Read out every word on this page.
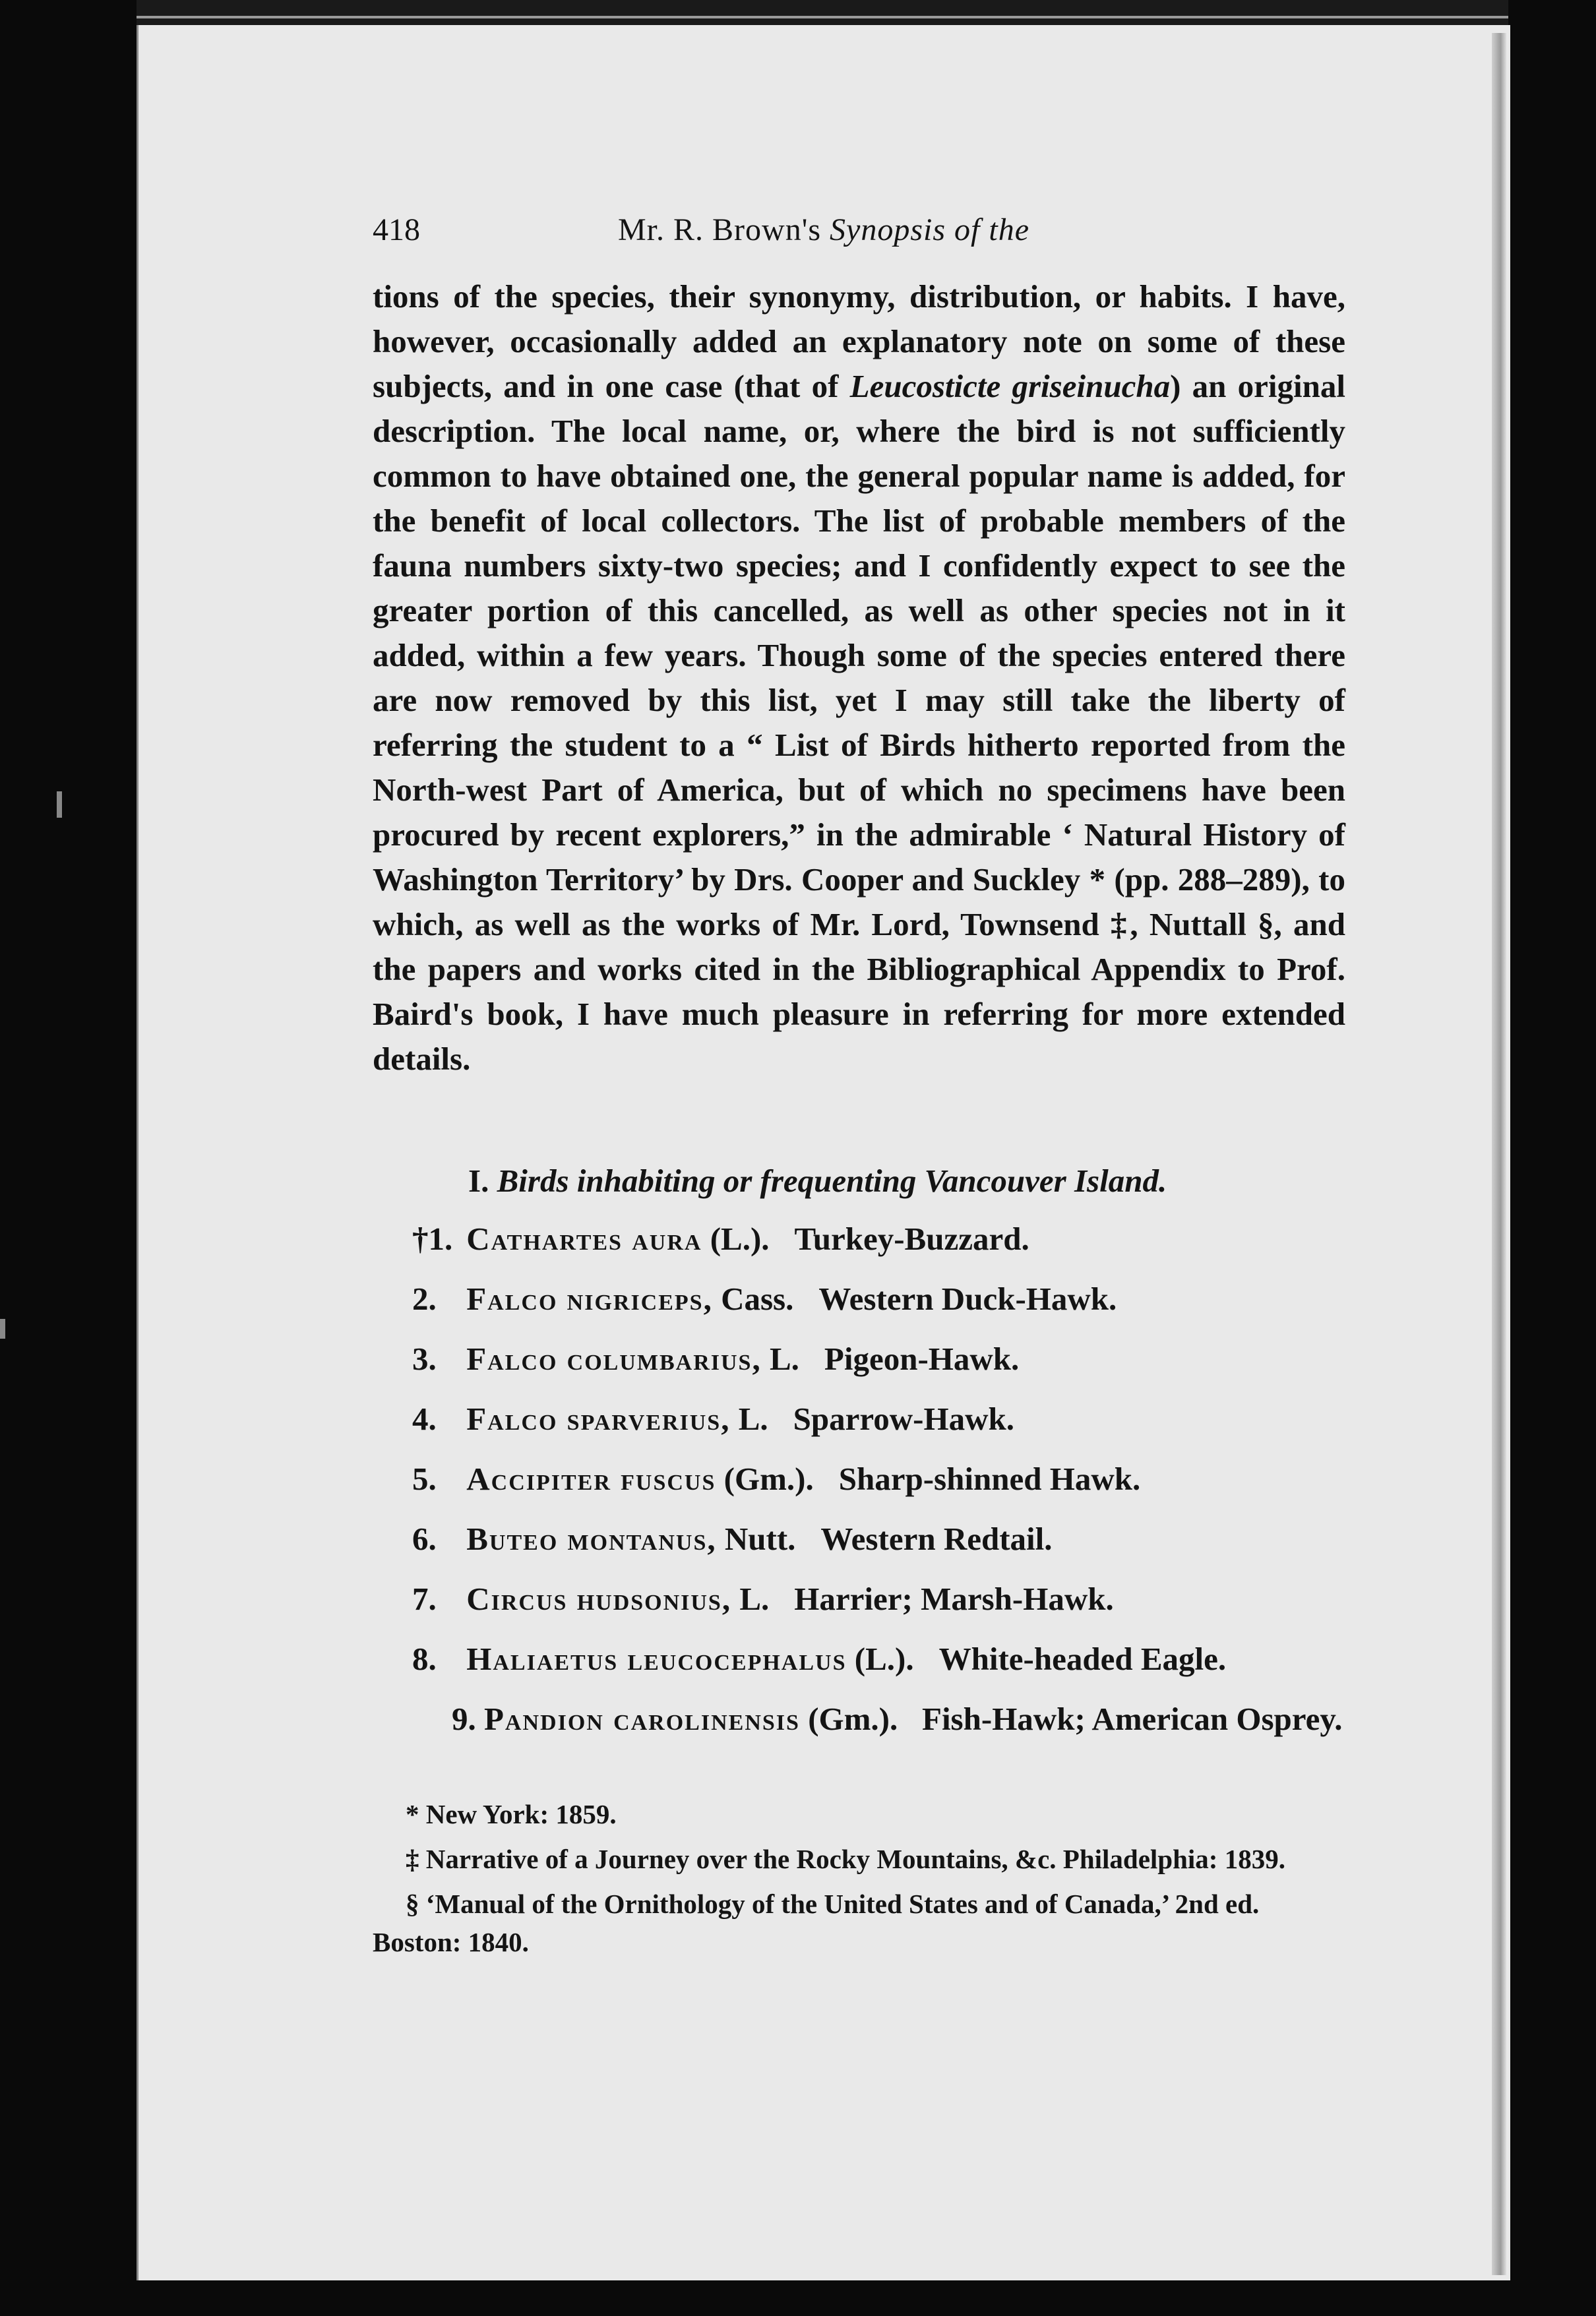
418	Mr. R. Brown's Synopsis of the

tions of the species, their synonymy, distribution, or habits. I have, however, occasionally added an explanatory note on some of these subjects, and in one case (that of Leucosticte griseinucha) an original description. The local name, or, where the bird is not sufficiently common to have obtained one, the general popular name is added, for the benefit of local collectors. The list of probable members of the fauna numbers sixty-two species; and I confidently expect to see the greater portion of this cancelled, as well as other species not in it added, within a few years. Though some of the species entered there are now removed by this list, yet I may still take the liberty of referring the student to a “ List of Birds hitherto reported from the North-west Part of America, but of which no specimens have been procured by recent explorers,” in the admirable ‘ Natural History of Washington Territory’ by Drs. Cooper and Suckley * (pp. 288–289), to which, as well as the works of Mr. Lord, Townsend ‡, Nuttall §, and the papers and works cited in the Bibliographical Appendix to Prof. Baird's book, I have much pleasure in referring for more extended details.

I. Birds inhabiting or frequenting Vancouver Island.

†1. Cathartes aura (L.). Turkey-Buzzard.
2. Falco nigriceps, Cass. Western Duck-Hawk.
3. Falco columbarius, L. Pigeon-Hawk.
4. Falco sparverius, L. Sparrow-Hawk.
5. Accipiter fuscus (Gm.). Sharp-shinned Hawk.
6. Buteo montanus, Nutt. Western Redtail.
7. Circus hudsonius, L. Harrier; Marsh-Hawk.
8. Haliaetus leucocephalus (L.). White-headed Eagle.
9. Pandion carolinensis (Gm.). Fish-Hawk; American Osprey.

* New York: 1859.

‡ Narrative of a Journey over the Rocky Mountains, &c. Philadelphia: 1839.

§ ‘Manual of the Ornithology of the United States and of Canada,’ 2nd ed. Boston: 1840.
